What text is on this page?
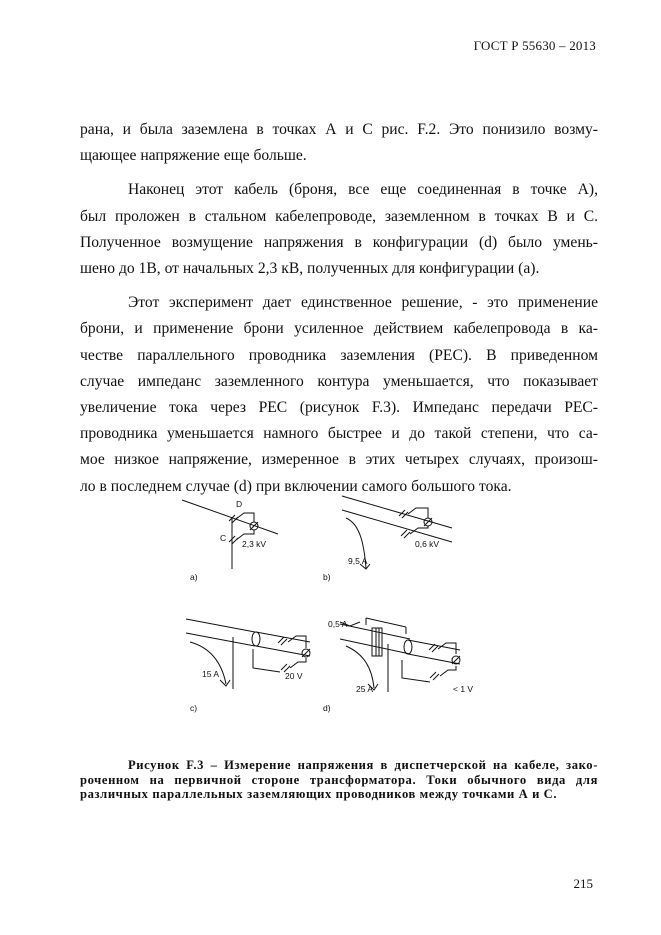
ГОСТ Р 55630 – 2013

рана, и была заземлена в точках А и С рис. F.2. Это понизило возму-

щающее напряжение еще больше.

Наконец этот кабель (броня, все еще соединенная в точке А),

был проложен в стальном кабелепроводе, заземленном в точках В и С.

Полученное возмущение напряжения в конфигурации (d) было умень-

шено до 1В, от начальных 2,3 кВ, полученных для конфигурации (а).

Этот эксперимент дает единственное решение, - это применение

брони, и применение брони усиленное действием кабелепровода в ка-

честве параллельного проводника заземления (РЕС). В приведенном

случае импеданс заземленного контура уменьшается, что показывает

увеличение тока через РЕС (рисунок F.3). Импеданс передачи РЕС-

проводника уменьшается намного быстрее и до такой степени, что са-

мое низкое напряжение, измеренное в этих четырех случаях, произош-

ло в последнем случае (d) при включении самого большого тока.

D
C
2,3 kV
a)
9,5 A
0,6 kV
b)
15 A	20 V
c)
0,5 A
25 A	< 1 V
d)

Рисунок F.3 – Измерение напряжения в диспетчерской на кабеле, зако-

роченном на первичной стороне трансформатора. Токи обычного вида для

различных параллельных заземляющих проводников между точками А и С.

215
